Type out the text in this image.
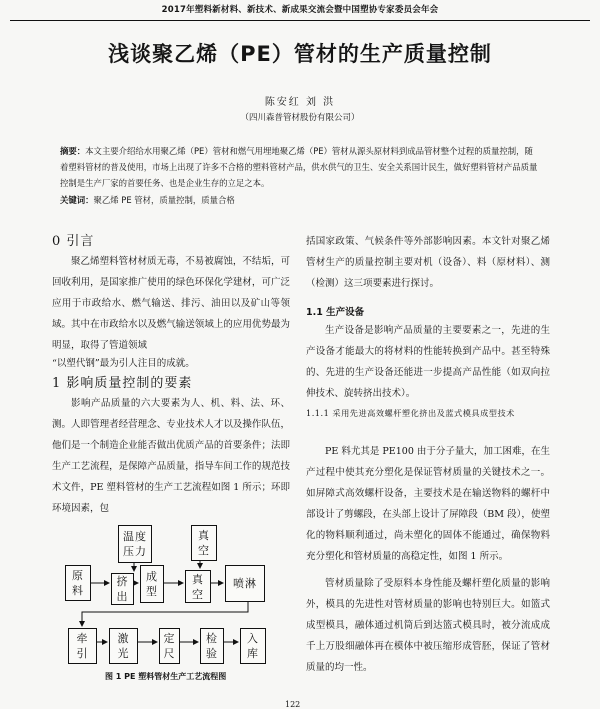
2017年塑料新材料、新技术、新成果交流会暨中国塑协专家委员会年会
浅谈聚乙烯（PE）管材的生产质量控制
陈安红 刘 洪
（四川森普管材股份有限公司）
摘要：本文主要介绍给水用聚乙烯（PE）管材和燃气用埋地聚乙烯（PE）管材从源头原材料到成品管材整个过程的质量控制，随着塑料管材的普及使用，市场上出现了许多不合格的塑料管材产品，供水供气的卫生、安全关系国计民生，做好塑料管材产品质量控制是生产厂家的首要任务、也是企业生存的立足之本。
关键词：聚乙烯 PE 管材，质量控制，质量合格
0 引言

聚乙烯塑料管材材质无毒，不易被腐蚀，不结垢，可回收利用，是国家推广使用的绿色环保化学建材，可广泛应用于市政给水、燃气输送、排污、油田以及矿山等领域。其中在市政给水以及燃气输送领域上的应用优势最为明显，取得了管道领域

“以塑代钢”最为引人注目的成就。

1 影响质量控制的要素

影响产品质量的六大要素为人、机、料、法、环、测。人即管理者经营理念、专业技术人才以及操作队伍，他们是一个制造企业能否做出优质产品的首要条件；法即生产工艺流程，是保障产品质量，指导车间工作的规范技术文件，PE 塑料管材的生产工艺流程如图 1 所示；环即环境因素，包

温度
压力
真空
原料
挤出
成型
真空
喷淋
牵引
激光
定尺
检验
入库
图 1 PE 塑料管材生产工艺流程图

括国家政策、气候条件等外部影响因素。本文针对聚乙烯管材生产的质量控制主要对机（设备）、料（原材料）、测（检测）这三项要素进行探讨。

1.1 生产设备

生产设备是影响产品质量的主要要素之一，先进的生产设备才能最大的将材料的性能转换到产品中。甚至特殊的、先进的生产设备还能进一步提高产品性能（如双向拉伸技术、旋转挤出技术）。

1.1.1 采用先进高效螺杆塑化挤出及蓝式模具成型技术

PE 料尤其是 PE100 由于分子量大，加工困难，在生产过程中使其充分塑化是保证管材质量的关键技术之一。如屏障式高效螺杆设备，主要技术是在输送物料的螺杆中部设计了剪螺段，在头部上设计了屏障段（BM 段），使塑化的物料顺利通过，尚未塑化的固体不能通过，确保物料充分塑化和管材质量的高稳定性，如图 1 所示。

管材质量除了受原料本身性能及螺杆塑化质量的影响外，模具的先进性对管材质量的影响也特别巨大。如篮式成型模具，融体通过机筒后到达篮式模具时，被分流成成千上万股细融体再在模体中被压缩形成管胚，保证了管材质量的均一性。

122
